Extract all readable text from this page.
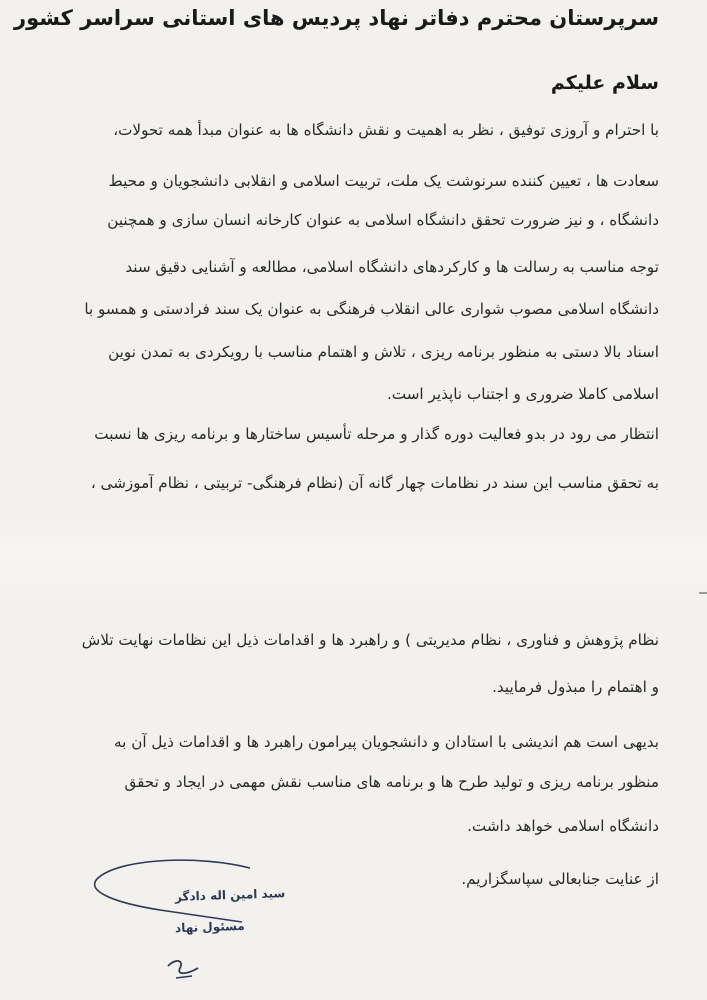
سرپرستان محترم دفاتر نهاد پردیس های استانی سراسر کشور
سلام علیکم
با احترام و آروزی توفیق ، نظر به اهمیت و نقش دانشگاه ها به عنوان مبدأ همه تحولات،
سعادت ها ، تعیین کننده سرنوشت یک ملت، تربیت اسلامی و انقلابی دانشجویان و محیط
دانشگاه ، و نیز ضرورت تحقق دانشگاه اسلامی به عنوان کارخانه انسان سازی و همچنین
توجه مناسب به رسالت ها و کارکردهای دانشگاه اسلامی، مطالعه و آشنایی دقیق سند
دانشگاه اسلامی مصوب شواری عالی انقلاب فرهنگی به عنوان یک سند فرادستی و همسو با
اسناد بالا دستی به منظور برنامه ریزی ، تلاش و اهتمام مناسب با رویکردی به تمدن نوین
اسلامی کاملا ضروری و اجتناب ناپذیر است.
انتظار می رود در بدو فعالیت دوره گذار و مرحله تأسیس ساختارها و برنامه ریزی ها نسبت
به تحقق مناسب این سند در نظامات چهار گانه آن (نظام فرهنگی- تربیتی ، نظام آموزشی ،
نظام پژوهش و فناوری ، نظام مدیریتی ) و راهبرد ها و اقدامات ذیل این نظامات نهایت تلاش
و اهتمام را مبذول فرمایید.
بدیهی است هم اندیشی با استادان و دانشجویان پیرامون راهبرد ها و اقدامات ذیل آن به
منظور برنامه ریزی و تولید طرح ها و برنامه های مناسب نقش مهمی در ایجاد و تحقق
دانشگاه اسلامی خواهد داشت.
از عنایت جنابعالی سپاسگزاریم.
سید امین اله دادگر
مسئول نهاد
